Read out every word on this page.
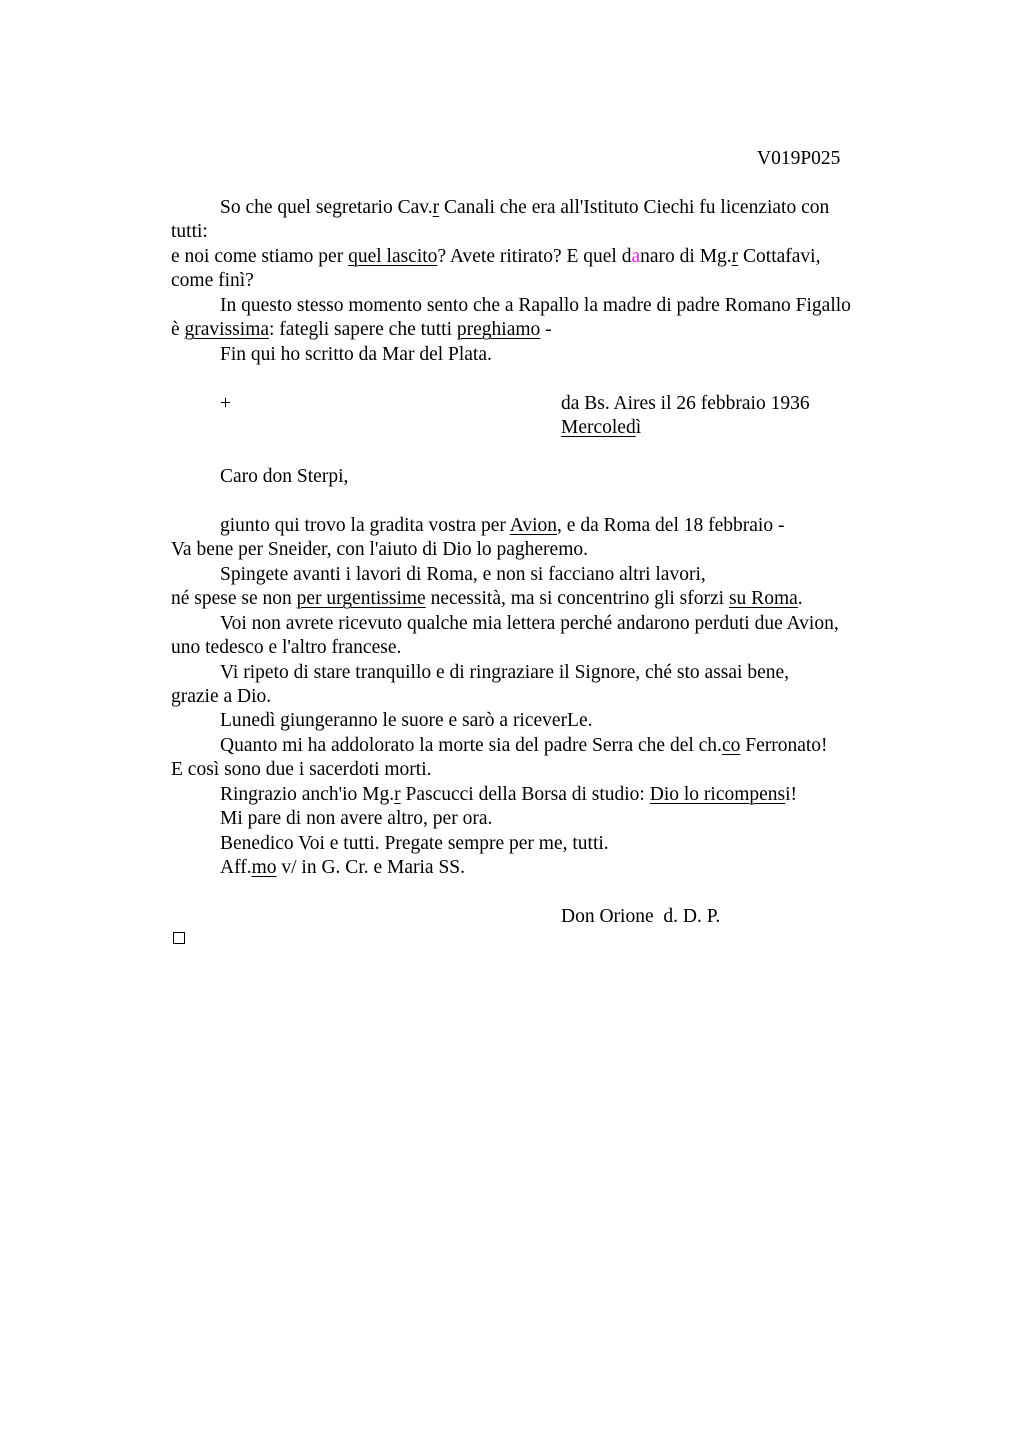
V019P025
So che quel segretario Cav.r Canali che era all'Istituto Ciechi fu licenziato con
tutti:
e noi come stiamo per quel lascito? Avete ritirato? E quel danaro di Mg.r Cottafavi,
come finì?
In questo stesso momento sento che a Rapallo la madre di padre Romano Figallo
è gravissima: fategli sapere che tutti preghiamo -
Fin qui ho scritto da Mar del Plata.
+	da Bs. Aires il 26 febbraio 1936
Mercoledì
Caro don Sterpi,
giunto qui trovo la gradita vostra per Avion, e da Roma del 18 febbraio -
Va bene per Sneider, con l'aiuto di Dio lo pagheremo.
Spingete avanti i lavori di Roma, e non si facciano altri lavori,
né spese se non per urgentissime necessità, ma si concentrino gli sforzi su Roma.
Voi non avrete ricevuto qualche mia lettera perché andarono perduti due Avion,
uno tedesco e l'altro francese.
Vi ripeto di stare tranquillo e di ringraziare il Signore, ché sto assai bene,
grazie a Dio.
Lunedì giungeranno le suore e sarò a riceverLe.
Quanto mi ha addolorato la morte sia del padre Serra che del ch.co Ferronato!
E così sono due i sacerdoti morti.
Ringrazio anch'io Mg.r Pascucci della Borsa di studio: Dio lo ricompensi!
Mi pare di non avere altro, per ora.
Benedico Voi e tutti. Pregate sempre per me, tutti.
Aff.mo v/ in G. Cr. e Maria SS.
Don Orione  d. D. P.
